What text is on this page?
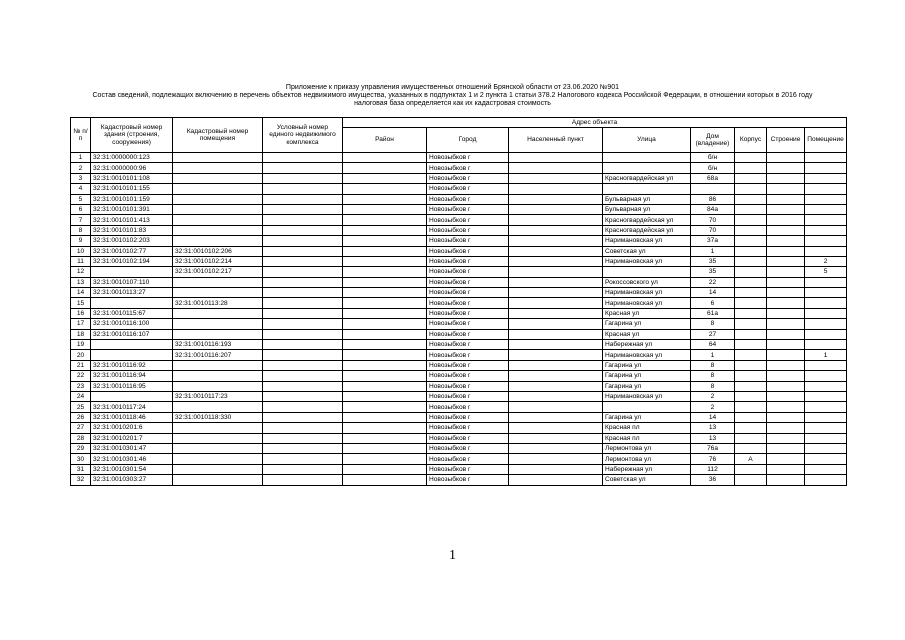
Приложение к приказу управления имущественных отношений Брянской области от 23.06.2020 №901
Состав сведений, подлежащих включению в перечень объектов недвижимого имущества, указанных в подпунктах 1 и 2 пункта 1 статьи 378.2 Налогового кодекса Российской Федерации, в отношении которых в 2016 году
налоговая база определяется как их кадастровая стоимость
№ п/п	Кадастровый номер здания (строения, сооружения)	Кадастровый номер помещения	Условный номер единого недвижимого комплекса	Адрес объекта							
				Район	Город	Населенный пункт	Улица	Дом (владение)	Корпус	Строение	Помещение
1	32:31:0000000:123				Новозыбков г			б/н			
2	32:31:0000000:96				Новозыбков г			б/н			
3	32:31:0010101:108				Новозыбков г		Красногвардейская ул	68а			
4	32:31:0010101:155				Новозыбков г						
5	32:31:0010101:159				Новозыбков г		Бульварная ул	86			
6	32:31:0010101:391				Новозыбков г		Бульварная ул	84а			
7	32:31:0010101:413				Новозыбков г		Красногвардейская ул	70			
8	32:31:0010101:83				Новозыбков г		Красногвардейская ул	70			
9	32:31:0010102:203				Новозыбков г		Наримановская ул	37а			
10	32:31:0010102:77	32:31:0010102:206			Новозыбков г		Советская ул	1			
11	32:31:0010102:194	32:31:0010102:214			Новозыбков г		Наримановская ул	35			2
12		32:31:0010102:217			Новозыбков г			35			5
13	32:31:0010107:110				Новозыбков г		Рокоссовского ул	22			
14	32:31:0010113:27				Новозыбков г		Наримановская ул	14			
15		32:31:0010113:28			Новозыбков г		Наримановская ул	6			
16	32:31:0010115:67				Новозыбков г		Красная ул	61а			
17	32:31:0010116:100				Новозыбков г		Гагарина ул	8			
18	32:31:0010116:107				Новозыбков г		Красная ул	27			
19		32:31:0010116:193			Новозыбков г		Набережная ул	64			
20		32:31:0010116:207			Новозыбков г		Наримановская ул	1			1
21	32:31:0010116:92				Новозыбков г		Гагарина ул	8			
22	32:31:0010116:94				Новозыбков г		Гагарина ул	8			
23	32:31:0010116:95				Новозыбков г		Гагарина ул	8			
24		32:31:0010117:23			Новозыбков г		Наримановская ул	2			
25	32:31:0010117:24				Новозыбков г			2			
26	32:31:0010118:46	32:31:0010118:330			Новозыбков г		Гагарина ул	14			
27	32:31:0010201:6				Новозыбков г		Красная пл	13			
28	32:31:0010201:7				Новозыбков г		Красная пл	13			
29	32:31:0010301:47				Новозыбков г		Лермонтова ул	76а			
30	32:31:0010301:46				Новозыбков г		Лермонтова ул	76	А		
31	32:31:0010301:54				Новозыбков г		Набережная ул	112			
32	32:31:0010303:27				Новозыбков г		Советская ул	36			
1
